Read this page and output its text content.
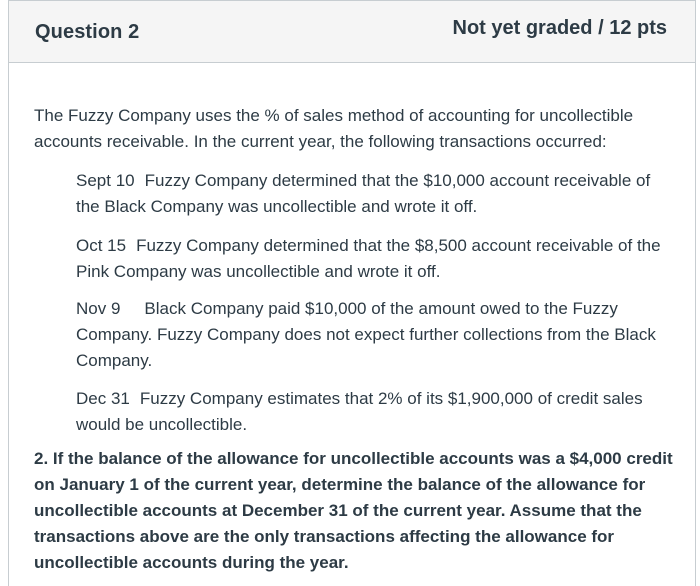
Question 2	Not yet graded / 12 pts

The Fuzzy Company uses the % of sales method of accounting for uncollectible accounts receivable. In the current year, the following transactions occurred:

Sept 10 Fuzzy Company determined that the $10,000 account receivable of the Black Company was uncollectible and wrote it off.

Oct 15 Fuzzy Company determined that the $8,500 account receivable of the Pink Company was uncollectible and wrote it off.

Nov 9 Black Company paid $10,000 of the amount owed to the Fuzzy Company. Fuzzy Company does not expect further collections from the Black Company.

Dec 31 Fuzzy Company estimates that 2% of its $1,900,000 of credit sales would be uncollectible.

2. If the balance of the allowance for uncollectible accounts was a $4,000 credit on January 1 of the current year, determine the balance of the allowance for uncollectible accounts at December 31 of the current year. Assume that the transactions above are the only transactions affecting the allowance for uncollectible accounts during the year.
